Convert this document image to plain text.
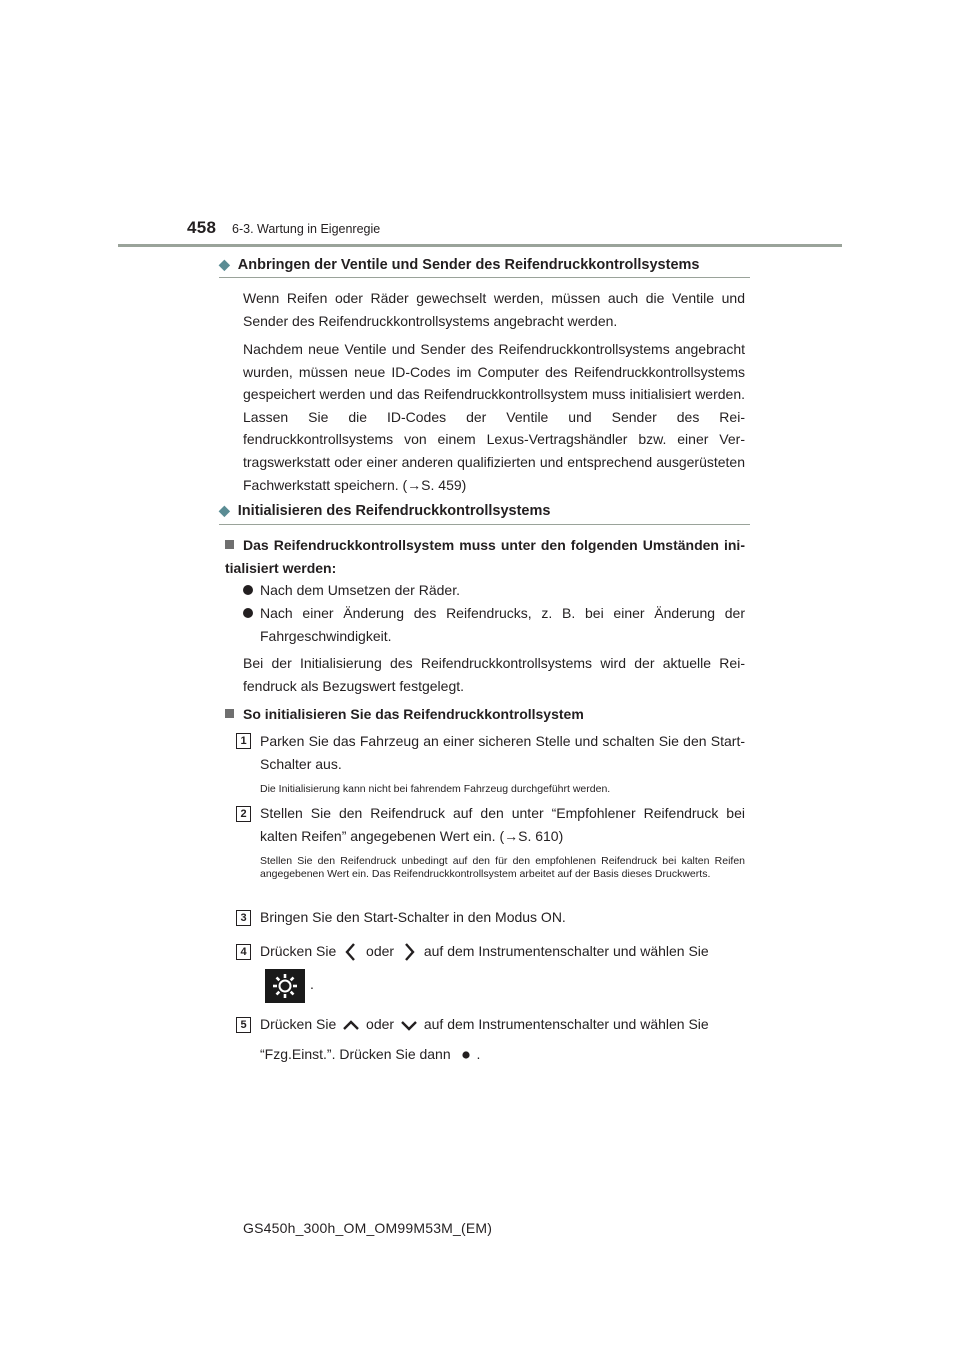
458 6-3. Wartung in Eigenregie
◆ Anbringen der Ventile und Sender des Reifendruckkontrollsystems
Wenn Reifen oder Räder gewechselt werden, müssen auch die Ventile und Sender des Reifendruckkontrollsystems angebracht werden.
Nachdem neue Ventile und Sender des Reifendruckkontrollsystems angebracht wurden, müssen neue ID-Codes im Computer des Reifendruckkontrollsystems gespeichert werden und das Reifendruckkontrollsystem muss initialisiert werden. Lassen Sie die ID-Codes der Ventile und Sender des Reifendruckkontrollsystems von einem Lexus-Vertragshändler bzw. einer Vertragswerkstatt oder einer anderen qualifizierten und entsprechend ausgerüsteten Fachwerkstatt speichern. (→S. 459)
◆ Initialisieren des Reifendruckkontrollsystems
Das Reifendruckkontrollsystem muss unter den folgenden Umständen initialisiert werden:
Nach dem Umsetzen der Räder.
Nach einer Änderung des Reifendrucks, z. B. bei einer Änderung der Fahrgeschwindigkeit.
Bei der Initialisierung des Reifendruckkontrollsystems wird der aktuelle Reifendruck als Bezugswert festgelegt.
So initialisieren Sie das Reifendruckkontrollsystem
1 Parken Sie das Fahrzeug an einer sicheren Stelle und schalten Sie den Start-Schalter aus.
Die Initialisierung kann nicht bei fahrendem Fahrzeug durchgeführt werden.
2 Stellen Sie den Reifendruck auf den unter “Empfohlener Reifendruck bei kalten Reifen” angegebenen Wert ein. (→S. 610)
Stellen Sie den Reifendruck unbedingt auf den für den empfohlenen Reifendruck bei kalten Reifen angegebenen Wert ein. Das Reifendruckkontrollsystem arbeitet auf der Basis dieses Druckwerts.
3 Bringen Sie den Start-Schalter in den Modus ON.
4 Drücken Sie oder auf dem Instrumentenschalter und wählen Sie
.
5 Drücken Sie oder auf dem Instrumentenschalter und wählen Sie
“Fzg.Einst.”. Drücken Sie dann .
GS450h_300h_OM_OM99M53M_(EM)
